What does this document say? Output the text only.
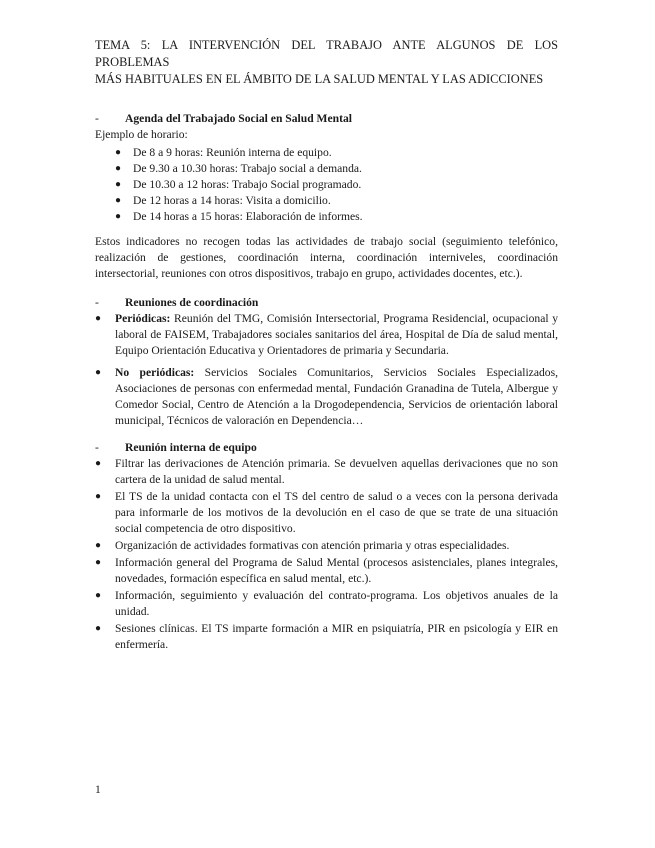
TEMA 5: LA INTERVENCIÓN DEL TRABAJO ANTE ALGUNOS DE LOS PROBLEMAS
MÁS HABITUALES EN EL ÁMBITO DE LA SALUD MENTAL Y LAS ADICCIONES
- Agenda del Trabajado Social en Salud Mental

Ejemplo de horario:

● De 8 a 9 horas: Reunión interna de equipo.
● De 9.30 a 10.30 horas: Trabajo social a demanda.
● De 10.30 a 12 horas: Trabajo Social programado.
● De 12 horas a 14 horas: Visita a domicilio.
● De 14 horas a 15 horas: Elaboración de informes.

Estos indicadores no recogen todas las actividades de trabajo social (seguimiento telefónico, realización de gestiones, coordinación interna, coordinación interniveles, coordinación intersectorial, reuniones con otros dispositivos, trabajo en grupo, actividades docentes, etc.).

- Reuniones de coordinación
● Periódicas: Reunión del TMG, Comisión Intersectorial, Programa Residencial, ocupacional y laboral de FAISEM, Trabajadores sociales sanitarios del área, Hospital de Día de salud mental, Equipo Orientación Educativa y Orientadores de primaria y Secundaria.
● No periódicas: Servicios Sociales Comunitarios, Servicios Sociales Especializados, Asociaciones de personas con enfermedad mental, Fundación Granadina de Tutela, Albergue y Comedor Social, Centro de Atención a la Drogodependencia, Servicios de orientación laboral municipal, Técnicos de valoración en Dependencia…
- Reunión interna de equipo
● Filtrar las derivaciones de Atención primaria. Se devuelven aquellas derivaciones que no son cartera de la unidad de salud mental.
● El TS de la unidad contacta con el TS del centro de salud o a veces con la persona derivada para informarle de los motivos de la devolución en el caso de que se trate de una situación social competencia de otro dispositivo.
● Organización de actividades formativas con atención primaria y otras especialidades.
● Información general del Programa de Salud Mental (procesos asistenciales, planes integrales, novedades, formación específica en salud mental, etc.).
● Información, seguimiento y evaluación del contrato-programa. Los objetivos anuales de la unidad.
● Sesiones clínicas. El TS imparte formación a MIR en psiquiatría, PIR en psicología y EIR en enfermería.
1
